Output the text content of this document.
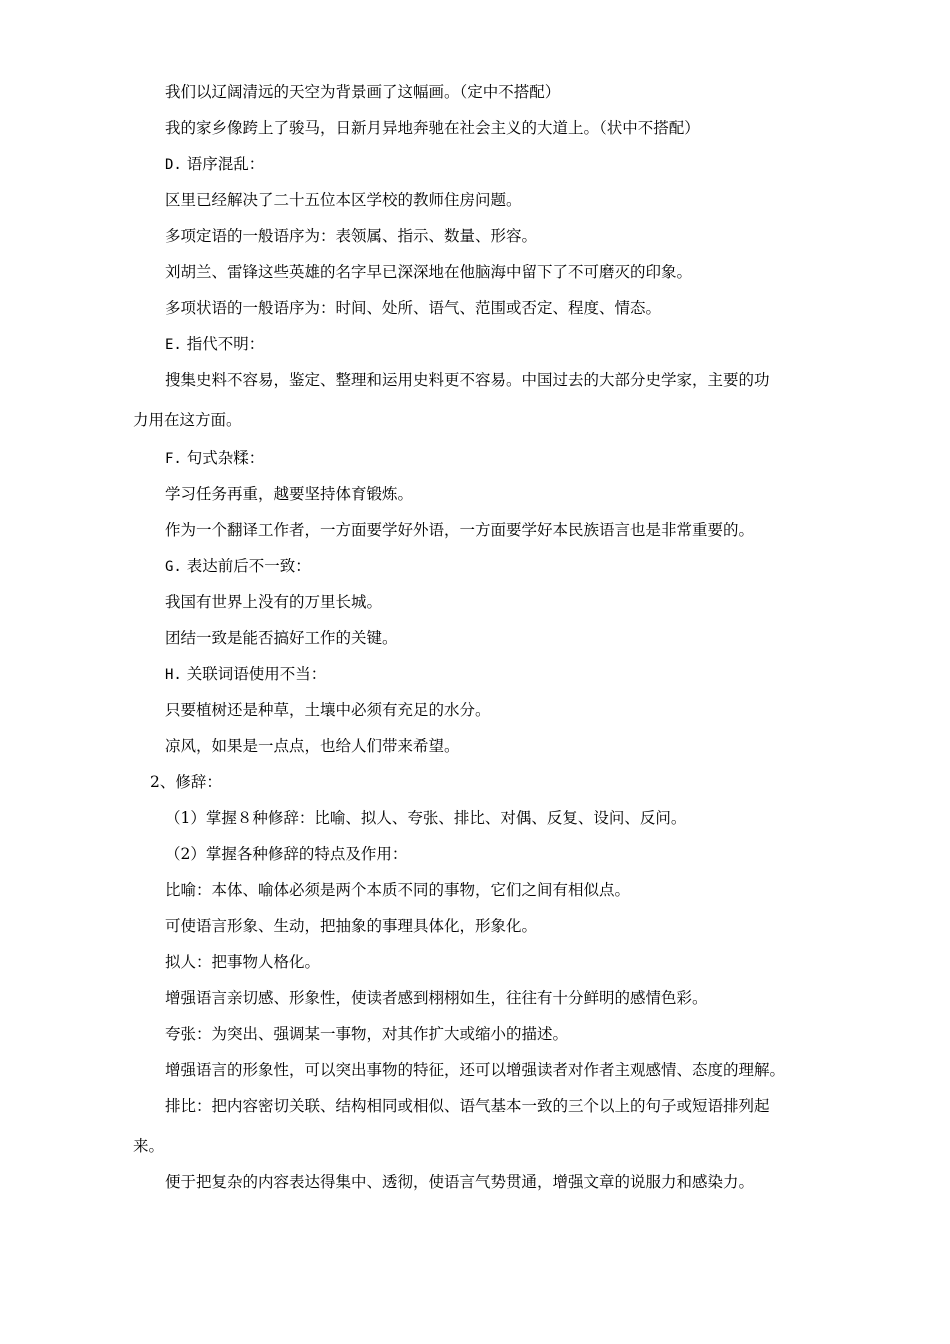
我们以辽阔清远的天空为背景画了这幅画。（定中不搭配）
我的家乡像跨上了骏马，日新月异地奔驰在社会主义的大道上。（状中不搭配）
D. 语序混乱：
区里已经解决了二十五位本区学校的教师住房问题。
多项定语的一般语序为：表领属、指示、数量、形容。
刘胡兰、雷锋这些英雄的名字早已深深地在他脑海中留下了不可磨灭的印象。
多项状语的一般语序为：时间、处所、语气、范围或否定、程度、情态。
E. 指代不明：
搜集史料不容易，鉴定、整理和运用史料更不容易。中国过去的大部分史学家，主要的功
力用在这方面。
F. 句式杂糅：
学习任务再重，越要坚持体育锻炼。
作为一个翻译工作者，一方面要学好外语，一方面要学好本民族语言也是非常重要的。
G. 表达前后不一致：
我国有世界上没有的万里长城。
团结一致是能否搞好工作的关键。
H. 关联词语使用不当：
只要植树还是种草，土壤中必须有充足的水分。
凉风，如果是一点点，也给人们带来希望。
2、修辞：
（1）掌握８种修辞：比喻、拟人、夸张、排比、对偶、反复、设问、反问。
（2）掌握各种修辞的特点及作用：
比喻：本体、喻体必须是两个本质不同的事物，它们之间有相似点。
可使语言形象、生动，把抽象的事理具体化，形象化。
拟人：把事物人格化。
增强语言亲切感、形象性，使读者感到栩栩如生，往往有十分鲜明的感情色彩。
夸张：为突出、强调某一事物，对其作扩大或缩小的描述。
增强语言的形象性，可以突出事物的特征，还可以增强读者对作者主观感情、态度的理解。
排比：把内容密切关联、结构相同或相似、语气基本一致的三个以上的句子或短语排列起
来。
便于把复杂的内容表达得集中、透彻，使语言气势贯通，增强文章的说服力和感染力。
